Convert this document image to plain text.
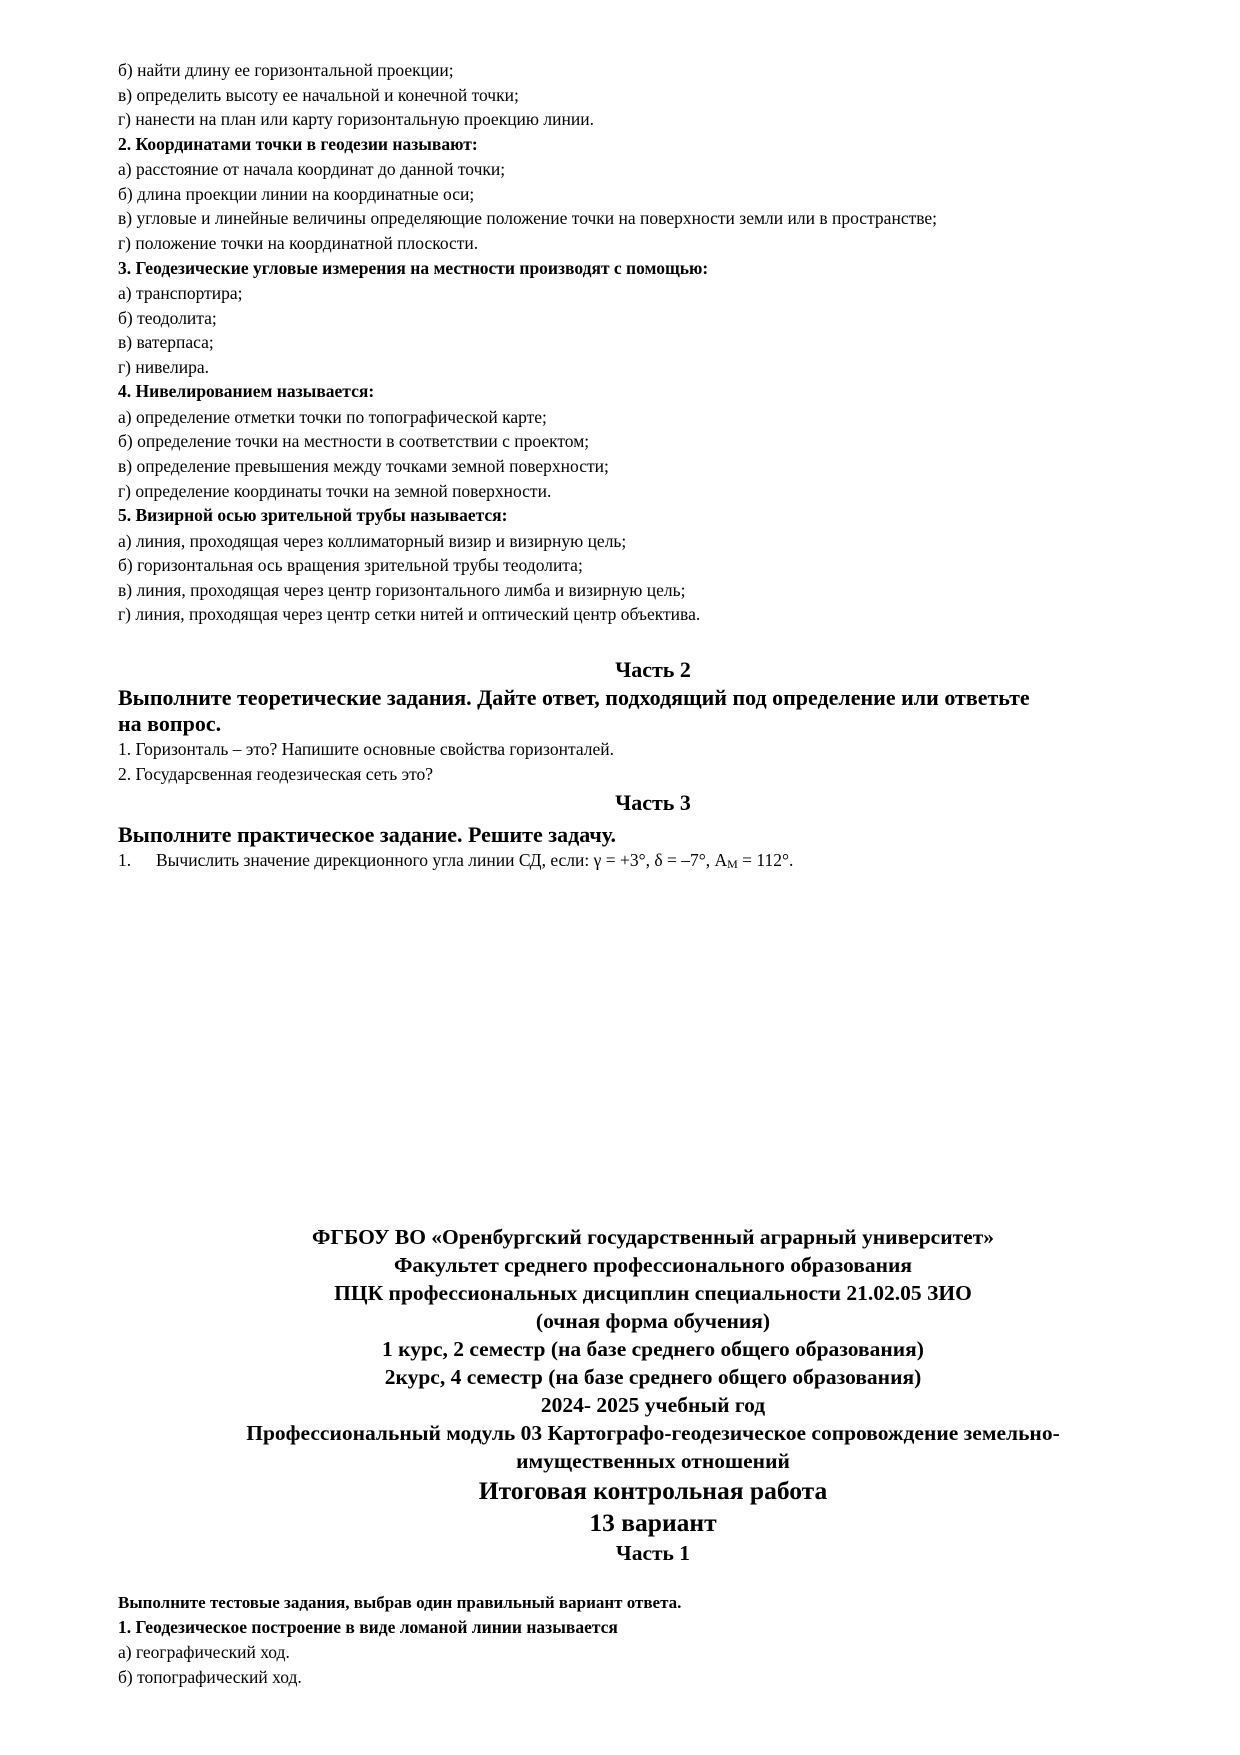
б) найти длину ее горизонтальной проекции;
в) определить высоту ее начальной и конечной точки;
г) нанести на план или карту горизонтальную проекцию линии.
2. Координатами точки в геодезии называют:
а) расстояние от начала координат до данной точки;
б) длина проекции линии на координатные оси;
в) угловые и линейные величины определяющие положение точки на поверхности земли или в пространстве;
г) положение точки на координатной плоскости.
3. Геодезические угловые измерения на местности производят с помощью:
а) транспортира;
б) теодолита;
в) ватерпаса;
г) нивелира.
4. Нивелированием называется:
а) определение отметки точки по топографической карте;
б) определение точки на местности в соответствии с проектом;
в) определение превышения между точками земной поверхности;
г) определение координаты точки на земной поверхности.
5. Визирной осью зрительной трубы называется:
а) линия, проходящая через коллиматорный визир и визирную цель;
б) горизонтальная ось вращения зрительной трубы теодолита;
в) линия, проходящая через центр горизонтального лимба и визирную цель;
г) линия, проходящая через центр сетки нитей и оптический центр объектива.
Часть 2
Выполните теоретические задания. Дайте ответ, подходящий под определение или ответьте
на вопрос.
1. Горизонталь – это? Напишите основные свойства горизонталей.
2. Государсвенная геодезическая сеть это?
Часть 3
Выполните практическое задание. Решите задачу.
1. Вычислить значение дирекционного угла линии СД, если: γ = +3°, δ = –7°, $A_М = 112^\circ$.
ФГБОУ ВО «Оренбургский государственный аграрный университет»
Факультет среднего профессионального образования
ПЦК профессиональных дисциплин специальности 21.02.05 ЗИО
(очная форма обучения)
1 курс, 2 семестр (на базе среднего общего образования)
2курс, 4 семестр (на базе среднего общего образования)
2024- 2025 учебный год
Профессиональный модуль 03 Картографо-геодезическое сопровождение земельно-
имущественных отношений
Итоговая контрольная работа
13 вариант
Часть 1
Выполните тестовые задания, выбрав один правильный вариант ответа.
1. Геодезическое построение в виде ломаной линии называется
а) географический ход.
б) топографический ход.
